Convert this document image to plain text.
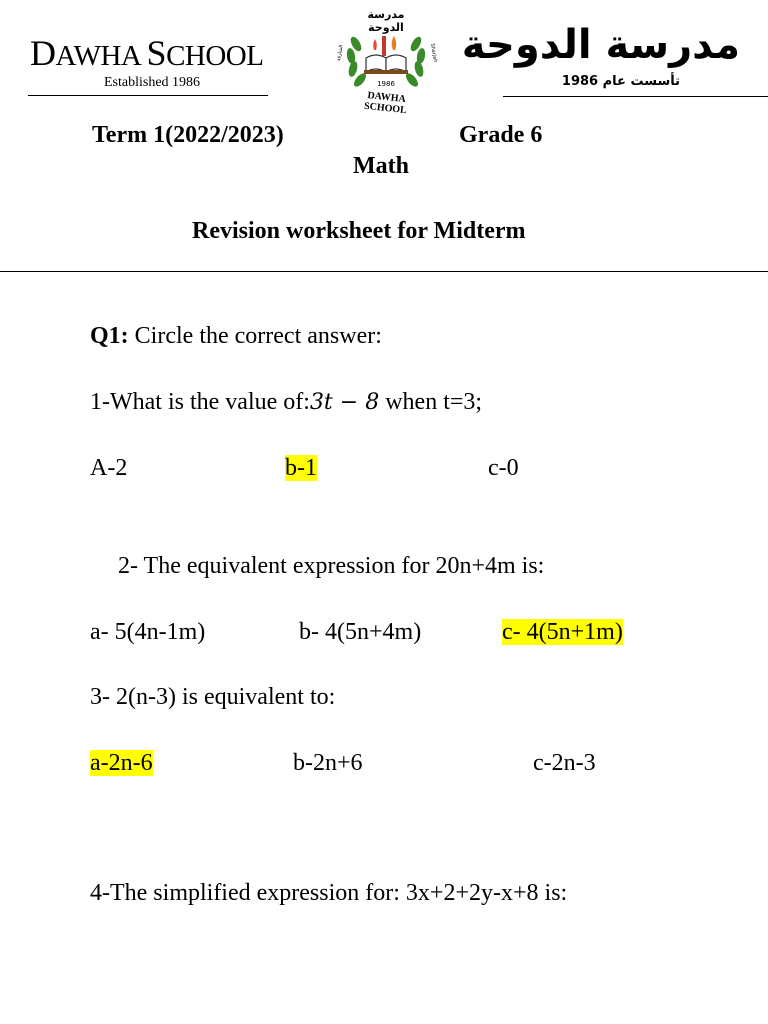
DAWHA SCHOOL
Established 1986	1986
مدرسة الدوحة
DAWHA SCHOOL
الشارقة	Sharjah مدرسة الدوحة
تأسست عام 1986
Term 1(2022/2023)	Grade 6
Math
Revision worksheet for Midterm
Q1: Circle the correct answer:
1-What is the value of:3t − 8 when t=3;
A-2	b-1	c-0
2- The equivalent expression for 20n+4m is:
a- 5(4n-1m)	b- 4(5n+4m)	c- 4(5n+1m)
3- 2(n-3) is equivalent to:
a-2n-6	b-2n+6	c-2n-3
4-The simplified expression for: 3x+2+2y-x+8 is:
